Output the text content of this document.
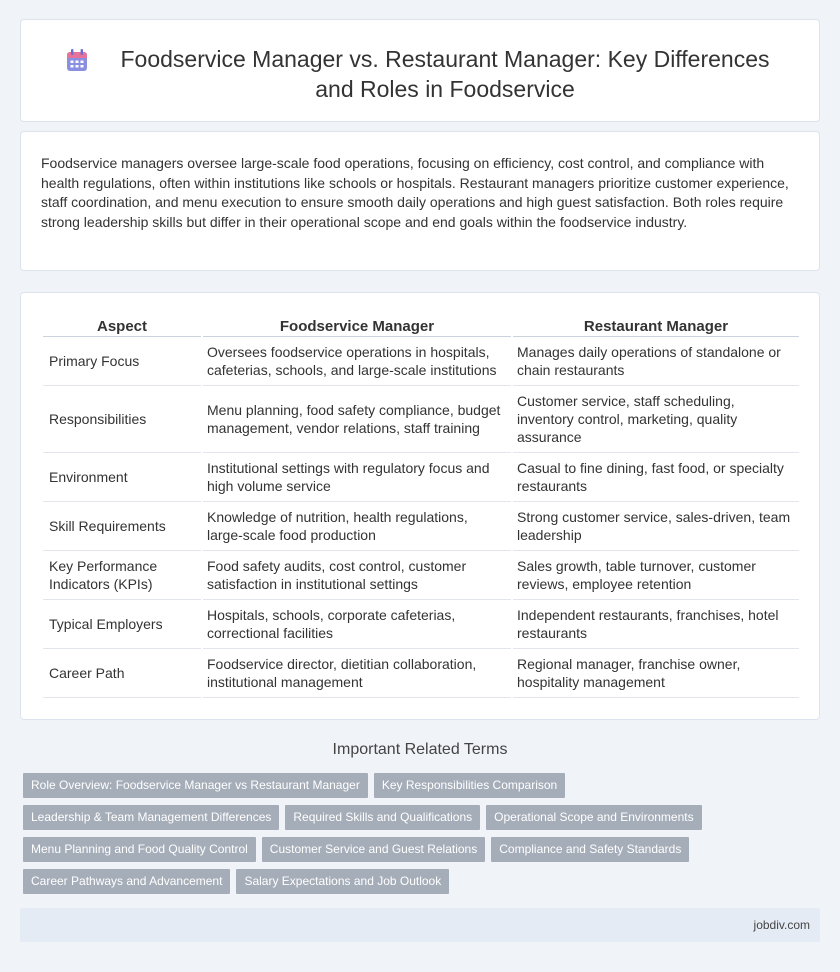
Foodservice Manager vs. Restaurant Manager: Key Differences and Roles in Foodservice

Foodservice managers oversee large-scale food operations, focusing on efficiency, cost control, and compliance with health regulations, often within institutions like schools or hospitals. Restaurant managers prioritize customer experience, staff coordination, and menu execution to ensure smooth daily operations and high guest satisfaction. Both roles require strong leadership skills but differ in their operational scope and end goals within the foodservice industry.

Aspect	Foodservice Manager	Restaurant Manager
Primary Focus	Oversees foodservice operations in hospitals, cafeterias, schools, and large-scale institutions	Manages daily operations of standalone or chain restaurants
Responsibilities	Menu planning, food safety compliance, budget management, vendor relations, staff training	Customer service, staff scheduling, inventory control, marketing, quality assurance
Environment	Institutional settings with regulatory focus and high volume service	Casual to fine dining, fast food, or specialty restaurants
Skill Requirements	Knowledge of nutrition, health regulations, large-scale food production	Strong customer service, sales-driven, team leadership
Key Performance Indicators (KPIs)	Food safety audits, cost control, customer satisfaction in institutional settings	Sales growth, table turnover, customer reviews, employee retention
Typical Employers	Hospitals, schools, corporate cafeterias, correctional facilities	Independent restaurants, franchises, hotel restaurants
Career Path	Foodservice director, dietitian collaboration, institutional management	Regional manager, franchise owner, hospitality management
Important Related Terms
Role Overview: Foodservice Manager vs Restaurant Manager	Key Responsibilities Comparison
Leadership & Team Management Differences	Required Skills and Qualifications	Operational Scope and Environments
Menu Planning and Food Quality Control	Customer Service and Guest Relations	Compliance and Safety Standards
Career Pathways and Advancement	Salary Expectations and Job Outlook
jobdiv.com
